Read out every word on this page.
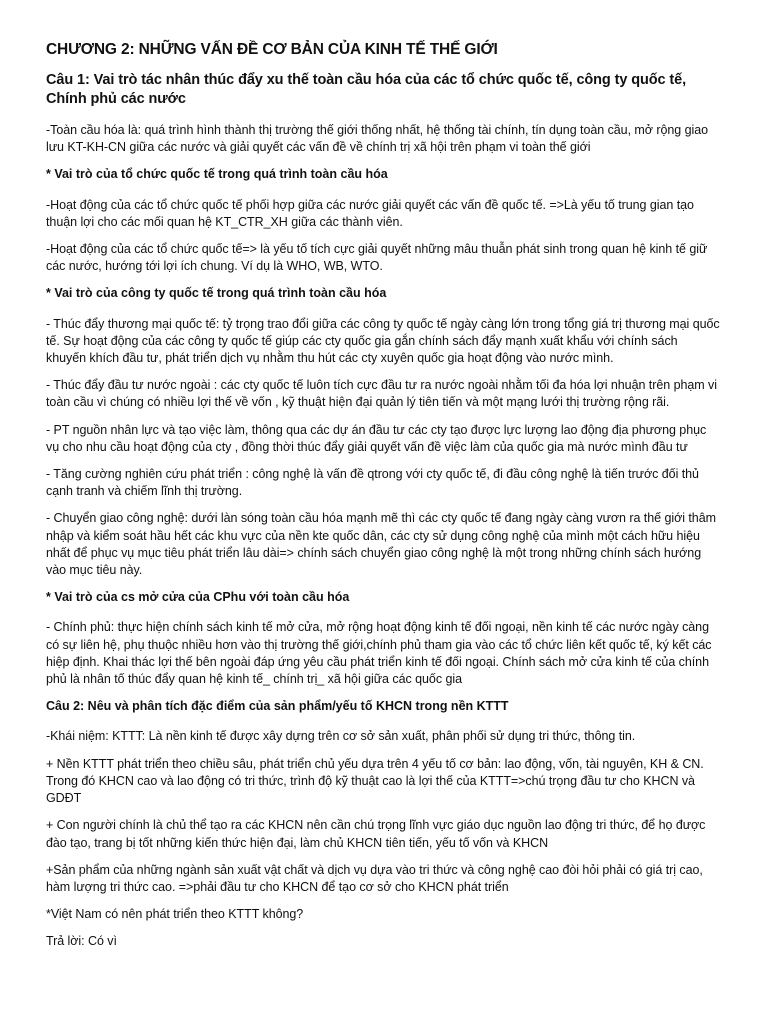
CHƯƠNG 2: NHỮNG VẤN ĐỀ CƠ BẢN CỦA KINH TẾ THẾ GIỚI
Câu 1: Vai trò tác nhân thúc đẩy xu thế toàn cầu hóa của các tổ chức quốc tế, công ty quốc tế, Chính phủ các nước

-Toàn cầu hóa là: quá trình hình thành thị trường thế giới thống nhất, hệ thống tài chính, tín dụng toàn cầu, mở rộng giao lưu KT-KH-CN giữa các nước và giải quyết các vấn đề về chính trị xã hội trên phạm vi toàn thế giới

* Vai trò của tổ chức quốc tế trong quá trình toàn cầu hóa

-Hoạt động của các tổ chức quốc tế phối hợp giữa các nước giải quyết các vấn đề quốc tế. =>Là yếu tố trung gian tạo thuận lợi cho các mối quan hệ KT_CTR_XH giữa các thành viên.

-Hoạt động của các tổ chức quốc tế=> là yếu tố tích cực giải quyết những mâu thuẫn phát sinh trong quan hệ kinh tế giữ các nước, hướng tới lợi ích chung. Ví dụ là WHO, WB, WTO.

* Vai trò của công ty quốc tế trong quá trình toàn cầu hóa

- Thúc đẩy thương mại quốc tế: tỷ trọng trao đổi giữa các công ty quốc tế ngày càng lớn trong tổng giá trị thương mại quốc tế. Sự hoạt động của các công ty quốc tế giúp các cty quốc gia gắn chính sách đẩy mạnh xuất khẩu với chính sách khuyến khích đầu tư, phát triển dịch vụ nhằm thu hút các cty xuyên quốc gia hoạt động vào nước mình.

- Thúc đẩy đầu tư nước ngoài : các cty quốc tế luôn tích cực đầu tư ra nước ngoài nhằm tối đa hóa lợi nhuận trên phạm vi toàn cầu vì chúng có nhiều lợi thế về vốn , kỹ thuật hiện đại quản lý tiên tiến và một mạng lưới thị trường rộng rãi.

- PT nguồn nhân lực và tạo việc làm, thông qua các dự án đầu tư các cty tạo được lực lượng lao động địa phương phục vụ cho nhu cầu hoạt động của cty , đồng thời thúc đẩy giải quyết vấn đề việc làm của quốc gia mà nước mình đầu tư

- Tăng cường nghiên cứu phát triển : công nghệ là vấn đề qtrong với cty quốc tế, đi đầu công nghệ là tiến trước đối thủ cạnh tranh và chiếm lĩnh thị trường.

- Chuyển giao công nghệ: dưới làn sóng toàn cầu hóa mạnh mẽ thì các cty quốc tế đang ngày càng vươn ra thế giới thâm nhập và kiểm soát hầu hết các khu vực của nền kte quốc dân, các cty sử dụng công nghệ của mình một cách hữu hiệu nhất để phục vụ mục tiêu phát triển lâu dài=> chính sách chuyển giao công nghệ là một trong những chính sách hướng vào mục tiêu này.

* Vai trò của cs mở cửa của CPhu với toàn cầu hóa

- Chính phủ: thực hiện chính sách kinh tế mở cửa, mở rộng hoạt động kinh tế đối ngoại, nền kinh tế các nước ngày càng có sự liên hệ, phụ thuộc nhiều hơn vào thị trường thế giới,chính phủ tham gia vào các tổ chức liên kết quốc tế, ký kết các hiệp định. Khai thác lợi thế bên ngoài đáp ứng yêu cầu phát triển kinh tế đối ngoại. Chính sách mở cửa kinh tế của chính phủ là nhân tố thúc đẩy quan hệ kinh tế_ chính trị_ xã hội giữa các quốc gia

Câu 2: Nêu và phân tích đặc điểm của sản phẩm/yếu tố KHCN trong nền KTTT

-Khái niệm: KTTT: Là nền kinh tế được xây dựng trên cơ sở sản xuất, phân phối sử dụng tri thức, thông tin.

+ Nền KTTT phát triển theo chiều sâu, phát triển chủ yếu dựa trên 4 yếu tố cơ bản: lao động, vốn, tài nguyên, KH & CN. Trong đó KHCN cao và lao động có tri thức, trình độ kỹ thuật cao là lợi thế của KTTT=>chú trọng đầu tư cho KHCN và GDĐT

+ Con người chính là chủ thể tạo ra các KHCN nên cần chú trọng lĩnh vực giáo dục nguồn lao động tri thức, để họ được đào tạo, trang bị tốt những kiến thức hiện đại, làm chủ KHCN tiên tiến, yếu tố vốn và KHCN

+Sản phẩm của những ngành sản xuất vật chất và dịch vụ dựa vào tri thức và công nghệ cao đòi hỏi phải có giá trị cao, hàm lượng tri thức cao. =>phải đầu tư cho KHCN để tạo cơ sở cho KHCN phát triển

*Việt Nam có nên phát triển theo KTTT không?

Trả lời: Có vì
